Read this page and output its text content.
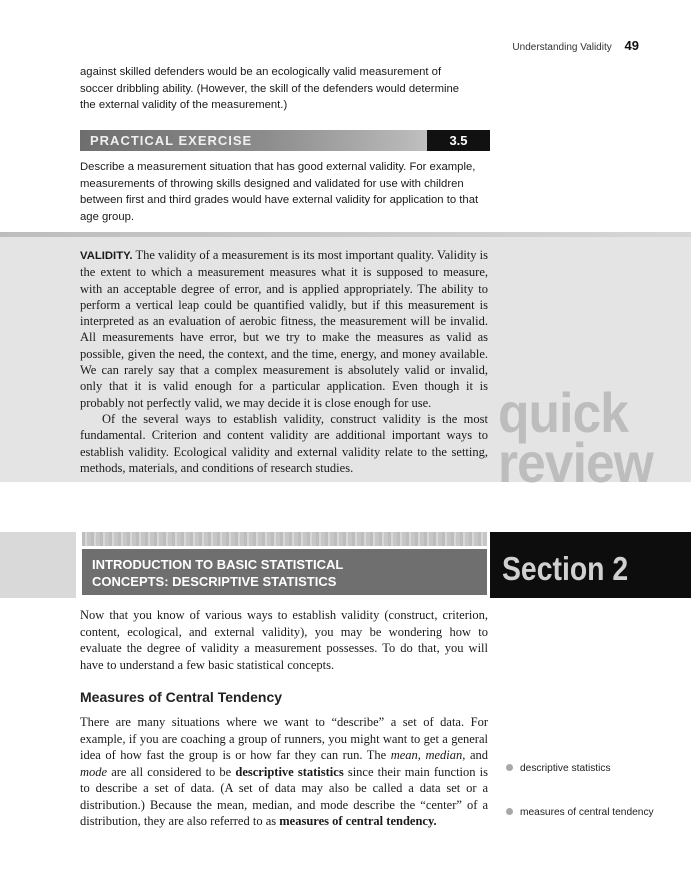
Understanding Validity 49
against skilled defenders would be an ecologically valid measurement of soccer dribbling ability. (However, the skill of the defenders would determine the external validity of the measurement.)
PRACTICAL EXERCISE	3.5
Describe a measurement situation that has good external validity. For example, measurements of throwing skills designed and validated for use with children between first and third grades would have external validity for application to that age group.

VALIDITY. The validity of a measurement is its most important quality. Validity is the extent to which a measurement measures what it is supposed to measure, with an acceptable degree of error, and is applied appropriately. The ability to perform a vertical leap could be quantified validly, but if this measurement is interpreted as an evaluation of aerobic fitness, the measurement will be invalid. All measurements have error, but we try to make the measures as valid as possible, given the need, the context, and the time, energy, and money available. We can rarely say that a complex measurement is absolutely valid or invalid, only that it is valid enough for a particular application. Even though it is probably not perfectly valid, we may decide it is close enough for use.

Of the several ways to establish validity, construct validity is the most fundamental. Criterion and content validity are additional important ways to establish validity. Ecological validity and external validity relate to the setting, methods, materials, and conditions of research studies.

quick
review
INTRODUCTION TO BASIC STATISTICAL
CONCEPTS: DESCRIPTIVE STATISTICS	Section 2

Now that you know of various ways to establish validity (construct, criterion, content, ecological, and external validity), you may be wondering how to evaluate the degree of validity a measurement possesses. To do that, you will have to understand a few basic statistical concepts.

Measures of Central Tendency

There are many situations where we want to “describe” a set of data. For example, if you are coaching a group of runners, you might want to get a general idea of how fast the group is or how far they can run. The mean, median, and mode are all considered to be descriptive statistics since their main function is to describe a set of data. (A set of data may also be called a data set or a distribution.) Because the mean, median, and mode describe the “center” of a distribution, they are also referred to as measures of central tendency.

descriptive statistics
measures of central tendency
